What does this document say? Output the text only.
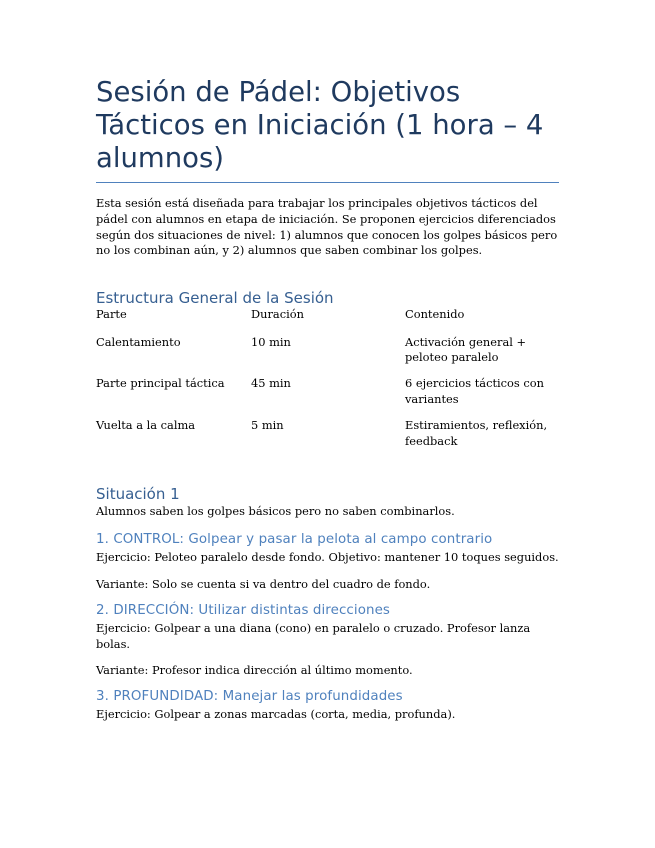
Sesión de Pádel: Objetivos Tácticos en Iniciación (1 hora – 4 alumnos)

Esta sesión está diseñada para trabajar los principales objetivos tácticos del pádel con alumnos en etapa de iniciación. Se proponen ejercicios diferenciados según dos situaciones de nivel: 1) alumnos que conocen los golpes básicos pero no los combinan aún, y 2) alumnos que saben combinar los golpes.

Estructura General de la Sesión
Parte	Duración	Contenido
Calentamiento	10 min	Activación general + peloteo paralelo
Parte principal táctica	45 min	6 ejercicios tácticos con variantes
Vuelta a la calma	5 min	Estiramientos, reflexión, feedback
Situación 1

Alumnos saben los golpes básicos pero no saben combinarlos.

1. CONTROL: Golpear y pasar la pelota al campo contrario

Ejercicio: Peloteo paralelo desde fondo. Objetivo: mantener 10 toques seguidos.

Variante: Solo se cuenta si va dentro del cuadro de fondo.

2. DIRECCIÓN: Utilizar distintas direcciones

Ejercicio: Golpear a una diana (cono) en paralelo o cruzado. Profesor lanza bolas.

Variante: Profesor indica dirección al último momento.

3. PROFUNDIDAD: Manejar las profundidades

Ejercicio: Golpear a zonas marcadas (corta, media, profunda).
